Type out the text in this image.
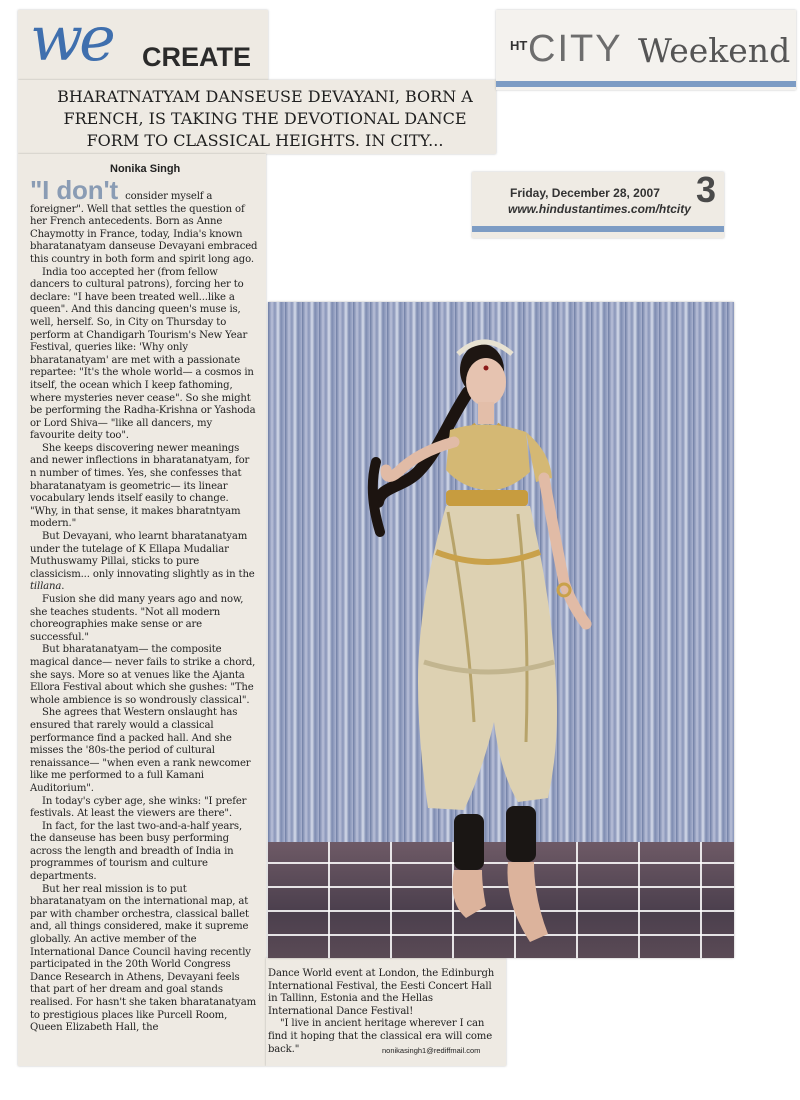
we CREATE	HT CITY Weekend
BHARATNATYAM DANSEUSE DEVAYANI, BORN A FRENCH, IS TAKING THE DEVOTIONAL DANCE FORM TO CLASSICAL HEIGHTS. IN CITY...
Nonika Singh
Friday, December 28, 2007
www.hindustantimes.com/htcity 3

"I don't consider myself a foreigner". Well that settles the question of her French antecedents. Born as Anne Chaymotty in France, today, India's known bharatanatyam danseuse Devayani embraced this country in both form and spirit long ago.

India too accepted her (from fellow dancers to cultural patrons), forcing her to declare: "I have been treated well...like a queen". And this dancing queen's muse is, well, herself. So, in City on Thursday to perform at Chandigarh Tourism's New Year Festival, queries like: 'Why only bharatanatyam' are met with a passionate repartee: "It's the whole world— a cosmos in itself, the ocean which I keep fathoming, where mysteries never cease". So she might be performing the Radha-Krishna or Yashoda or Lord Shiva— "like all dancers, my favourite deity too".

She keeps discovering newer meanings and newer inflections in bharatanatyam, for n number of times. Yes, she confesses that bharatanatyam is geometric— its linear vocabulary lends itself easily to change. "Why, in that sense, it makes bharatntyam modern."

But Devayani, who learnt bharatanatyam under the tutelage of K Ellapa Mudaliar Muthuswamy Pillai, sticks to pure classicism... only innovating slightly as in the tillana.

Fusion she did many years ago and now, she teaches students. "Not all modern choreographies make sense or are successful."

But bharatanatyam— the composite magical dance— never fails to strike a chord, she says. More so at venues like the Ajanta Ellora Festival about which she gushes: "The whole ambience is so wondrously classical".

She agrees that Western onslaught has ensured that rarely would a classical performance find a packed hall. And she misses the '80s-the period of cultural renaissance— "when even a rank newcomer like me performed to a full Kamani Auditorium".

In today's cyber age, she winks: "I prefer festivals. At least the viewers are there".

In fact, for the last two-and-a-half years, the danseuse has been busy performing across the length and breadth of India in programmes of tourism and culture departments.

But her real mission is to put bharatanatyam on the international map, at par with chamber orchestra, classical ballet and, all things considered, make it supreme globally. An active member of the International Dance Council having recently participated in the 20th World Congress Dance Research in Athens, Devayani feels that part of her dream and goal stands realised. For hasn't she taken bharatanatyam to prestigious places like Purcell Room, Queen Elizabeth Hall, the

Dance World event at London, the Edinburgh International Festival, the Eesti Concert Hall in Tallinn, Estonia and the Hellas International Dance Festival!

"I live in ancient heritage wherever I can find it hoping that the classical era will come back."	nonikasingh1@rediffmail.com
